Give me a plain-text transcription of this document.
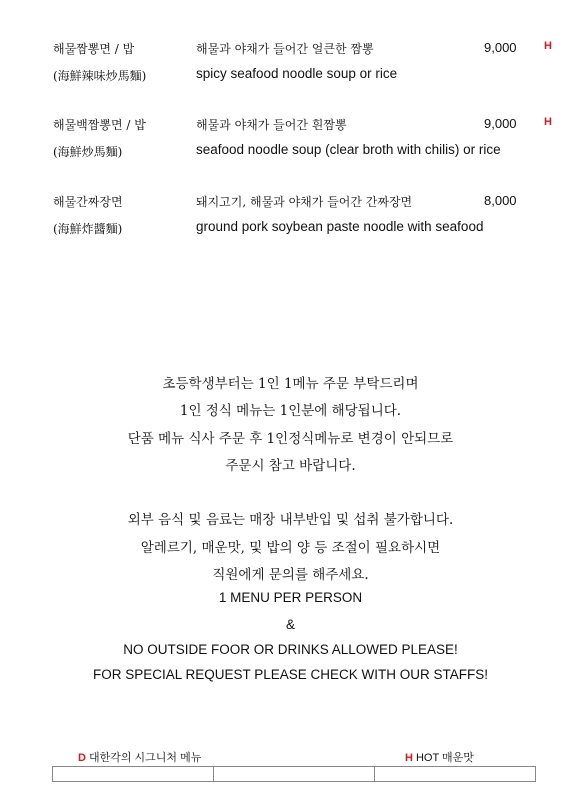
해물짬뽕면 / 밥
(海鮮辣味炒馬麵)
해물과 야채가 들어간 얼큰한 짬뽕
spicy seafood noodle soup or rice
9,000 H
해물백짬뽕면 / 밥
(海鮮炒馬麵)
해물과 야채가 들어간 흰짬뽕
seafood noodle soup (clear broth with chilis) or rice
9,000 H
해물간짜장면
(海鮮炸醬麵)
돼지고기, 해물과 야채가 들어간 간짜장면
ground pork soybean paste noodle with seafood
8,000
초등학생부터는 1인 1메뉴 주문 부탁드리며
1인 정식 메뉴는 1인분에 해당됩니다.
단품 메뉴 식사 주문 후 1인정식메뉴로 변경이 안되므로
주문시 참고 바랍니다.
외부 음식 및 음료는 매장 내부반입 및 섭취 불가합니다.
알레르기, 매운맛, 및 밥의 양 등 조절이 필요하시면
직원에게 문의를 해주세요.
1 MENU PER PERSON
&
NO OUTSIDE FOOR OR DRINKS ALLOWED PLEASE!
FOR SPECIAL REQUEST PLEASE CHECK WITH OUR STAFFS!
D 대한각의 시그니처 메뉴	H HOT 매운맛
